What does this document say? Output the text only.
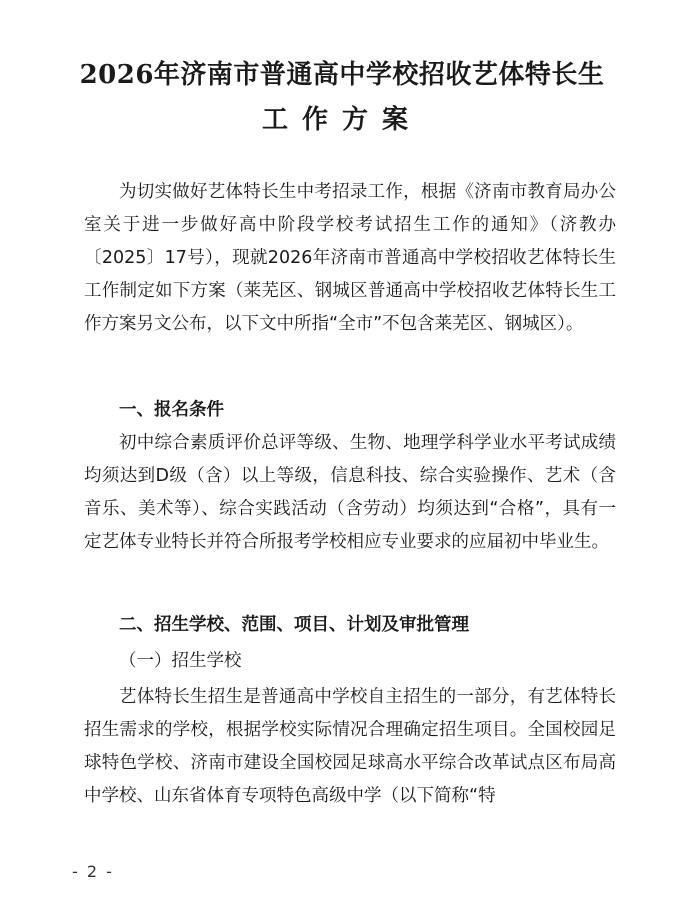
2026年济南市普通高中学校招收艺体特长生
工作方案

为切实做好艺体特长生中考招录工作，根据《济南市教育局办公室关于进一步做好高中阶段学校考试招生工作的通知》（济教办〔2025〕17号），现就2026年济南市普通高中学校招收艺体特长生工作制定如下方案（莱芜区、钢城区普通高中学校招收艺体特长生工作方案另文公布，以下文中所指“全市”不包含莱芜区、钢城区）。

一、报名条件

初中综合素质评价总评等级、生物、地理学科学业水平考试成绩均须达到D级（含）以上等级，信息科技、综合实验操作、艺术（含音乐、美术等）、综合实践活动（含劳动）均须达到“合格”，具有一定艺体专业特长并符合所报考学校相应专业要求的应届初中毕业生。

二、招生学校、范围、项目、计划及审批管理

（一）招生学校

艺体特长生招生是普通高中学校自主招生的一部分，有艺体特长招生需求的学校，根据学校实际情况合理确定招生项目。全国校园足球特色学校、济南市建设全国校园足球高水平综合改革试点区布局高中学校、山东省体育专项特色高级中学（以下简称“特

- 2 -
